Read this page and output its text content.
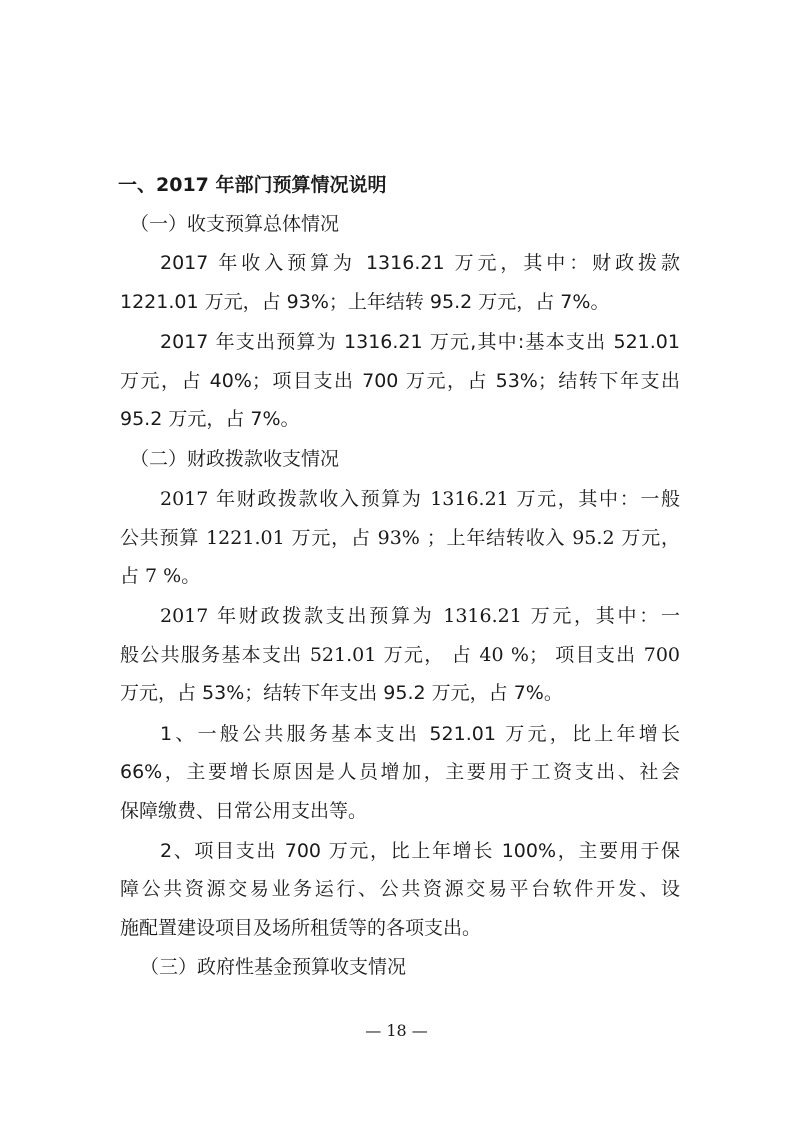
一、2017 年部门预算情况说明
（一）收支预算总体情况
2017 年收入预算为 1316.21 万元，其中：财政拨款
1221.01 万元，占 93%；上年结转 95.2 万元，占 7%。
2017 年支出预算为 1316.21 万元,其中:基本支出 521.01
万元，占 40%；项目支出 700 万元，占 53%；结转下年支出
95.2 万元，占 7%。
（二）财政拨款收支情况
2017 年财政拨款收入预算为 1316.21 万元，其中：一般
公共预算 1221.01 万元，占 93% ；上年结转收入 95.2 万元，
占 7 %。
2017 年财政拨款支出预算为 1316.21 万元，其中：一
般公共服务基本支出 521.01 万元， 占 40 %； 项目支出 700
万元，占 53%；结转下年支出 95.2 万元，占 7%。
1、一般公共服务基本支出 521.01 万元，比上年增长
66%，主要增长原因是人员增加，主要用于工资支出、社会
保障缴费、日常公用支出等。
2、项目支出 700 万元，比上年增长 100%，主要用于保
障公共资源交易业务运行、公共资源交易平台软件开发、设
施配置建设项目及场所租赁等的各项支出。
（三）政府性基金预算收支情况
— 18 —
